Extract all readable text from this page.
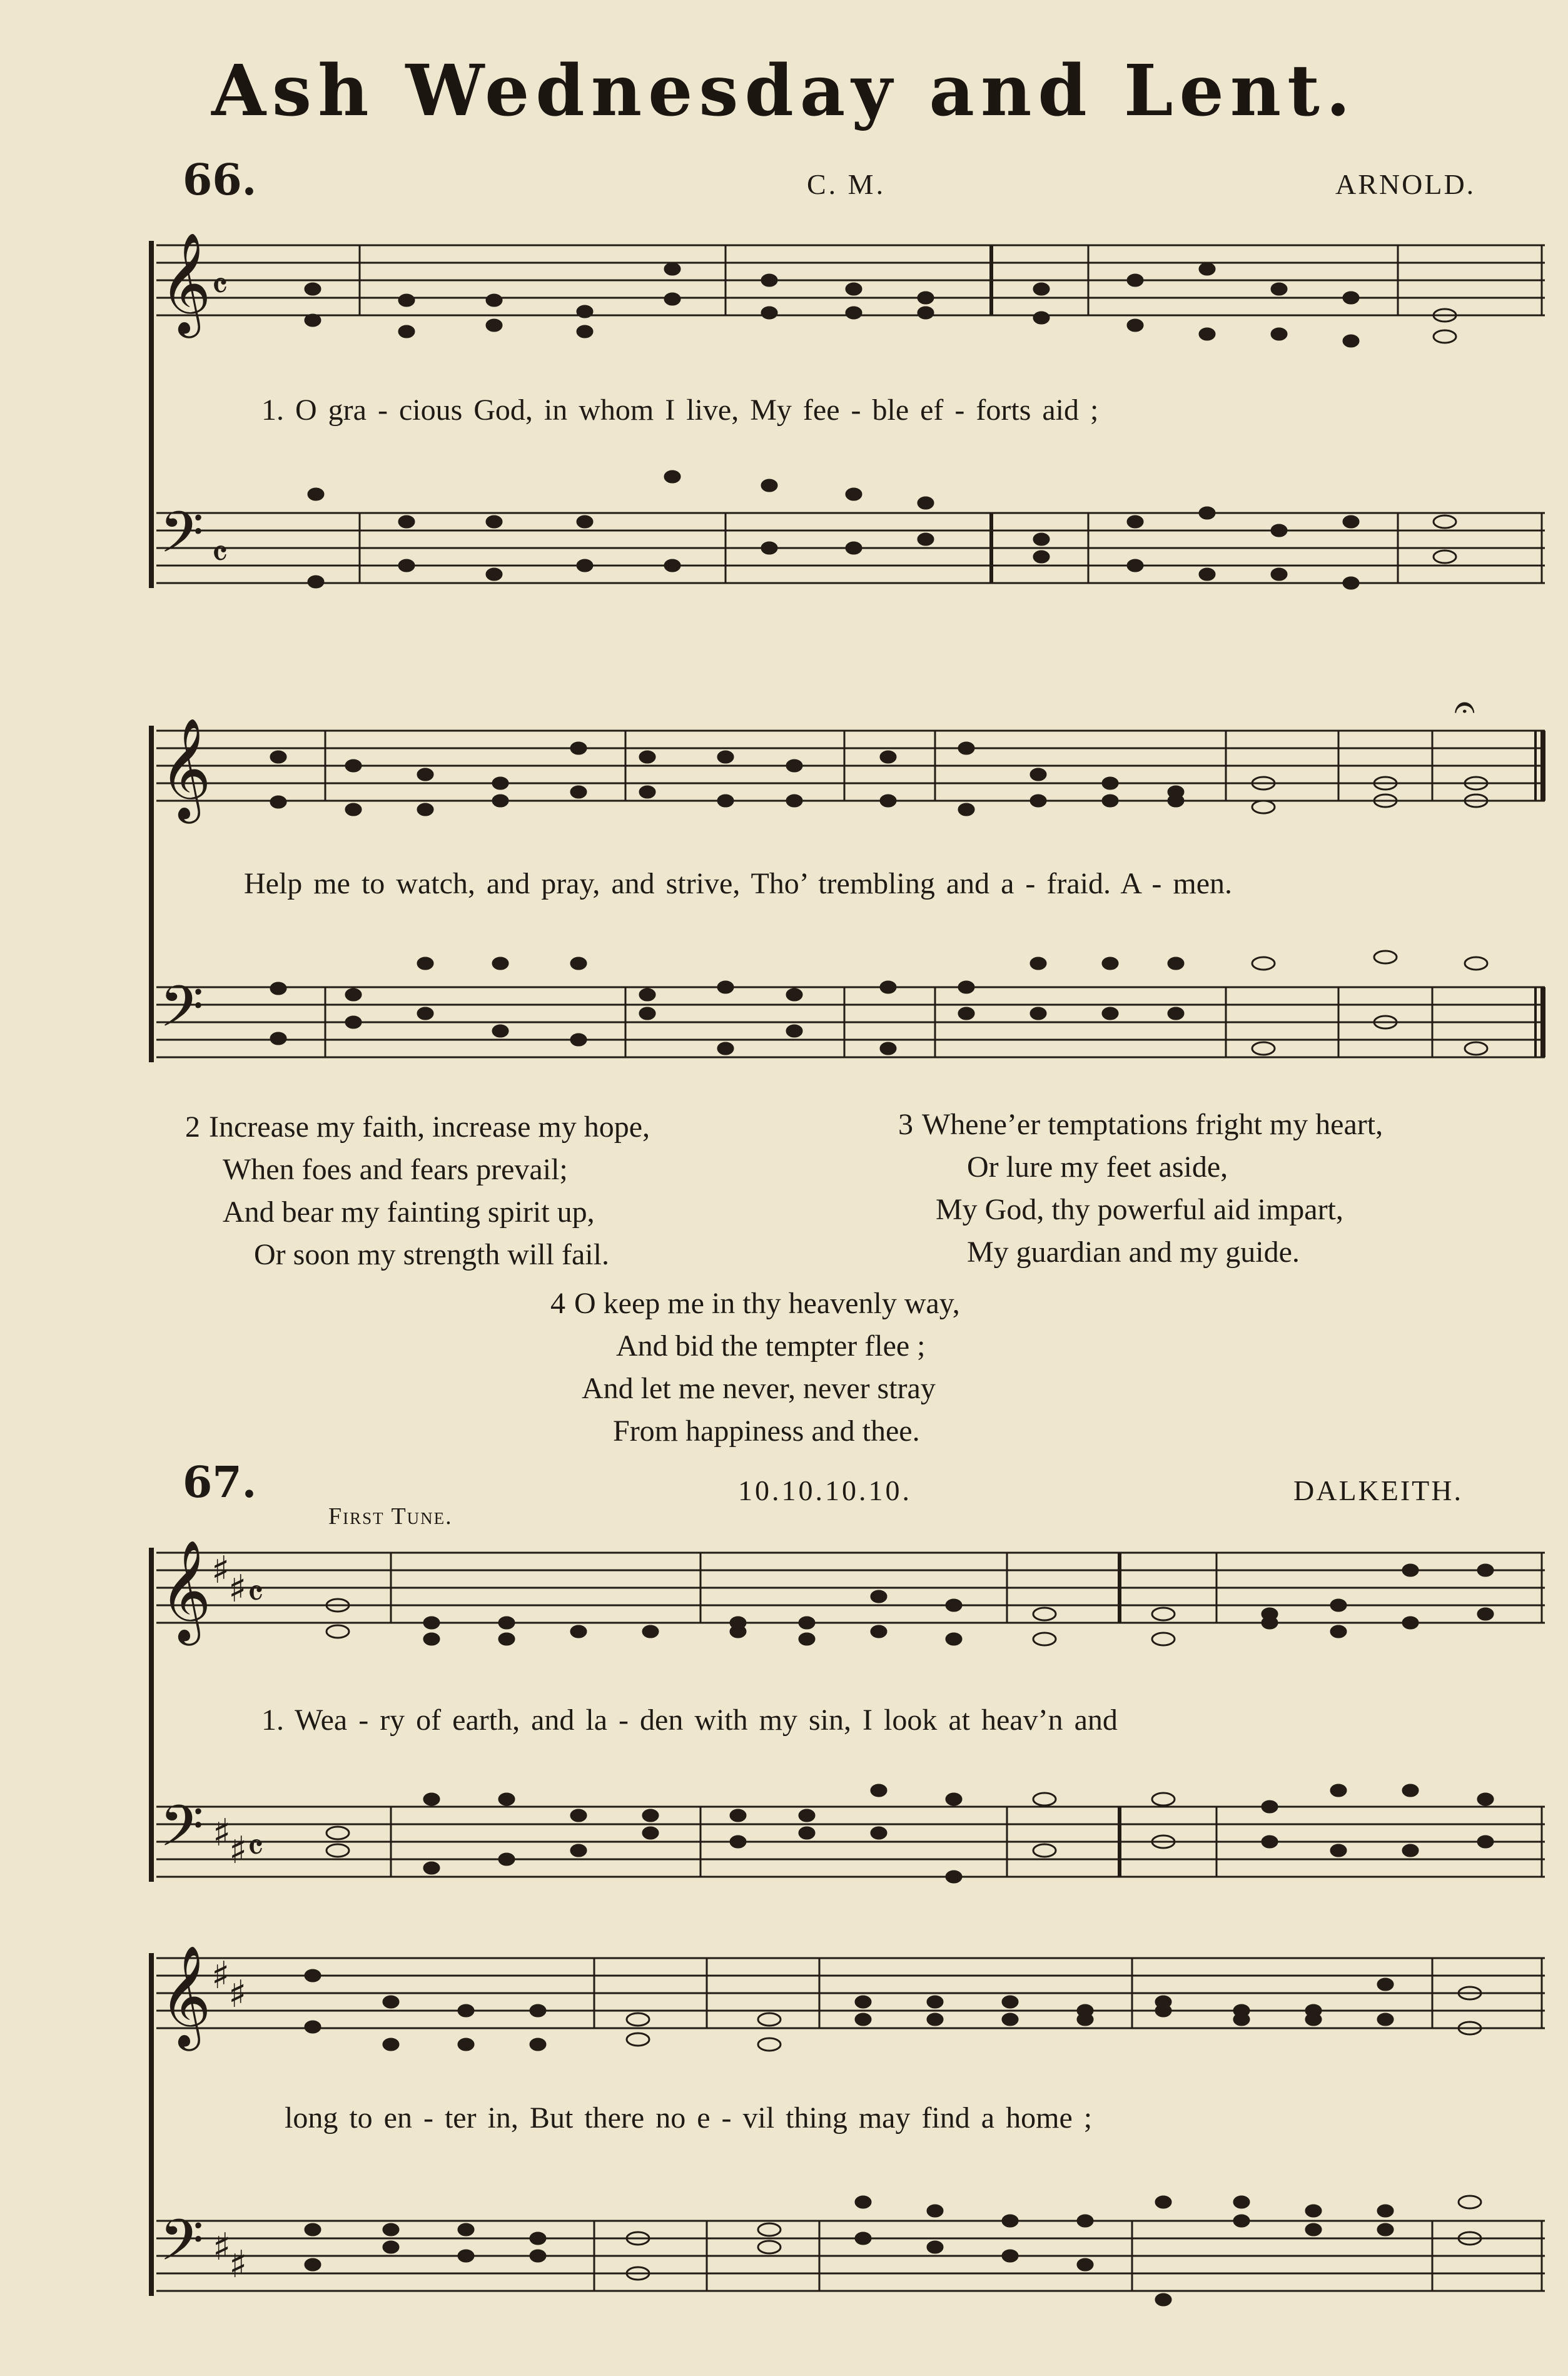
Ash Wednesday and Lent.
66.	C. M.	ARNOLD.
𝄞 𝄴
𝄢 𝄴
1. O gra - cious God, in whom I live, My fee - ble ef - forts aid ;
𝄞
𝄢
𝄐
Help me to watch, and pray, and strive, Tho’ trembling and a - fraid. A - men.
2 Increase my faith, increase my hope,
When foes and fears prevail;
And bear my fainting spirit up,
Or soon my strength will fail.
3 Whene’er temptations fright my heart,
Or lure my feet aside,
My God, thy powerful aid impart,
My guardian and my guide.
4 O keep me in thy heavenly way,
And bid the tempter flee ;
And let me never, never stray
From happiness and thee.
67.
First Tune.
10.10.10.10.	DALKEITH.
𝄞 ♯
♯ 𝄴
𝄢 ♯
♯ 𝄴
1. Wea - ry of earth, and la - den with my sin, I look at heav’n and
𝄞 ♯
♯
𝄢 ♯
♯
long to en - ter in, But there no e - vil thing may find a home ;
